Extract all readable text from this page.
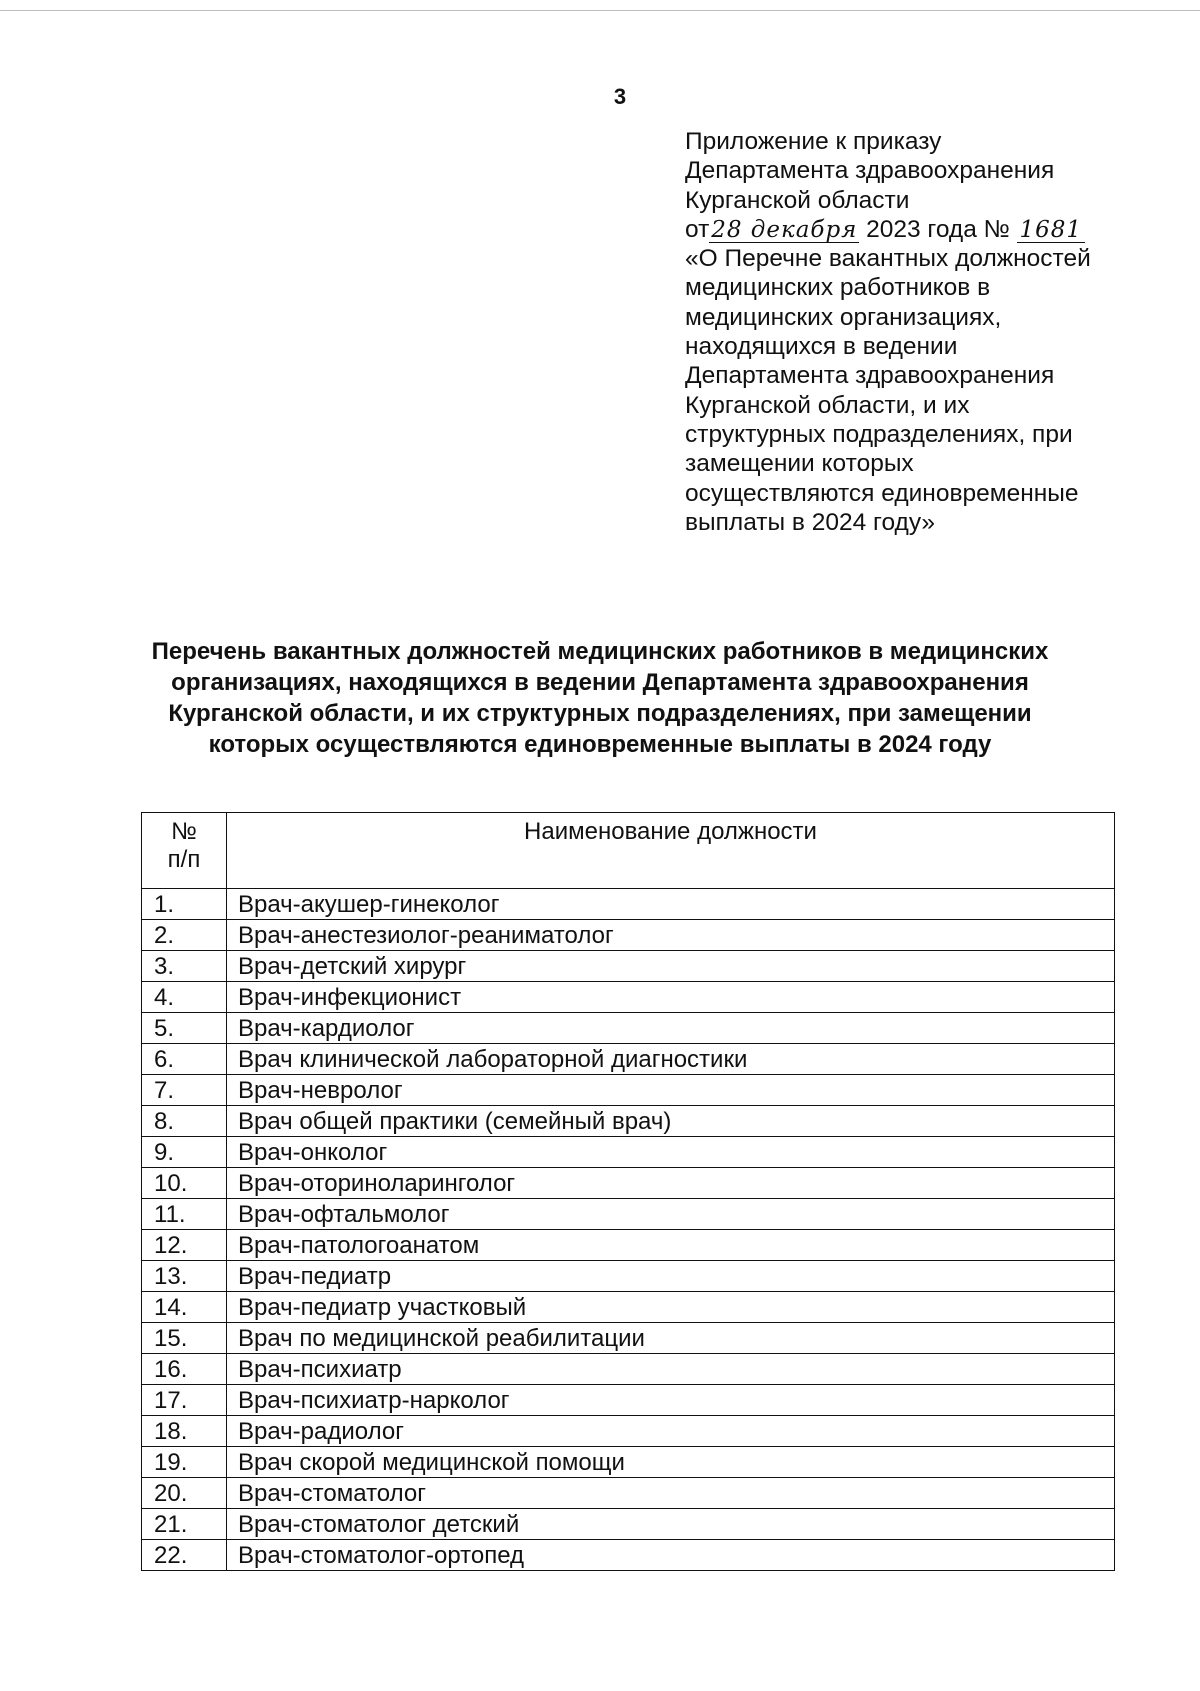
3
Приложение к приказу
Департамента здравоохранения
Курганской области
от28 декабря 2023 года № 1681
«О Перечне вакантных должностей
медицинских работников в
медицинских организациях,
находящихся в ведении
Департамента здравоохранения
Курганской области, и их
структурных подразделениях, при
замещении которых
осуществляются единовременные
выплаты в 2024 году»
Перечень вакантных должностей медицинских работников в медицинских
организациях, находящихся в ведении Департамента здравоохранения
Курганской области, и их структурных подразделениях, при замещении
которых осуществляются единовременные выплаты в 2024 году
№
п/п	Наименование должности
1.	Врач-акушер-гинеколог
2.	Врач-анестезиолог-реаниматолог
3.	Врач-детский хирург
4.	Врач-инфекционист
5.	Врач-кардиолог
6.	Врач клинической лабораторной диагностики
7.	Врач-невролог
8.	Врач общей практики (семейный врач)
9.	Врач-онколог
10.	Врач-оториноларинголог
11.	Врач-офтальмолог
12.	Врач-патологоанатом
13.	Врач-педиатр
14.	Врач-педиатр участковый
15.	Врач по медицинской реабилитации
16.	Врач-психиатр
17.	Врач-психиатр-нарколог
18.	Врач-радиолог
19.	Врач скорой медицинской помощи
20.	Врач-стоматолог
21.	Врач-стоматолог детский
22.	Врач-стоматолог-ортопед
